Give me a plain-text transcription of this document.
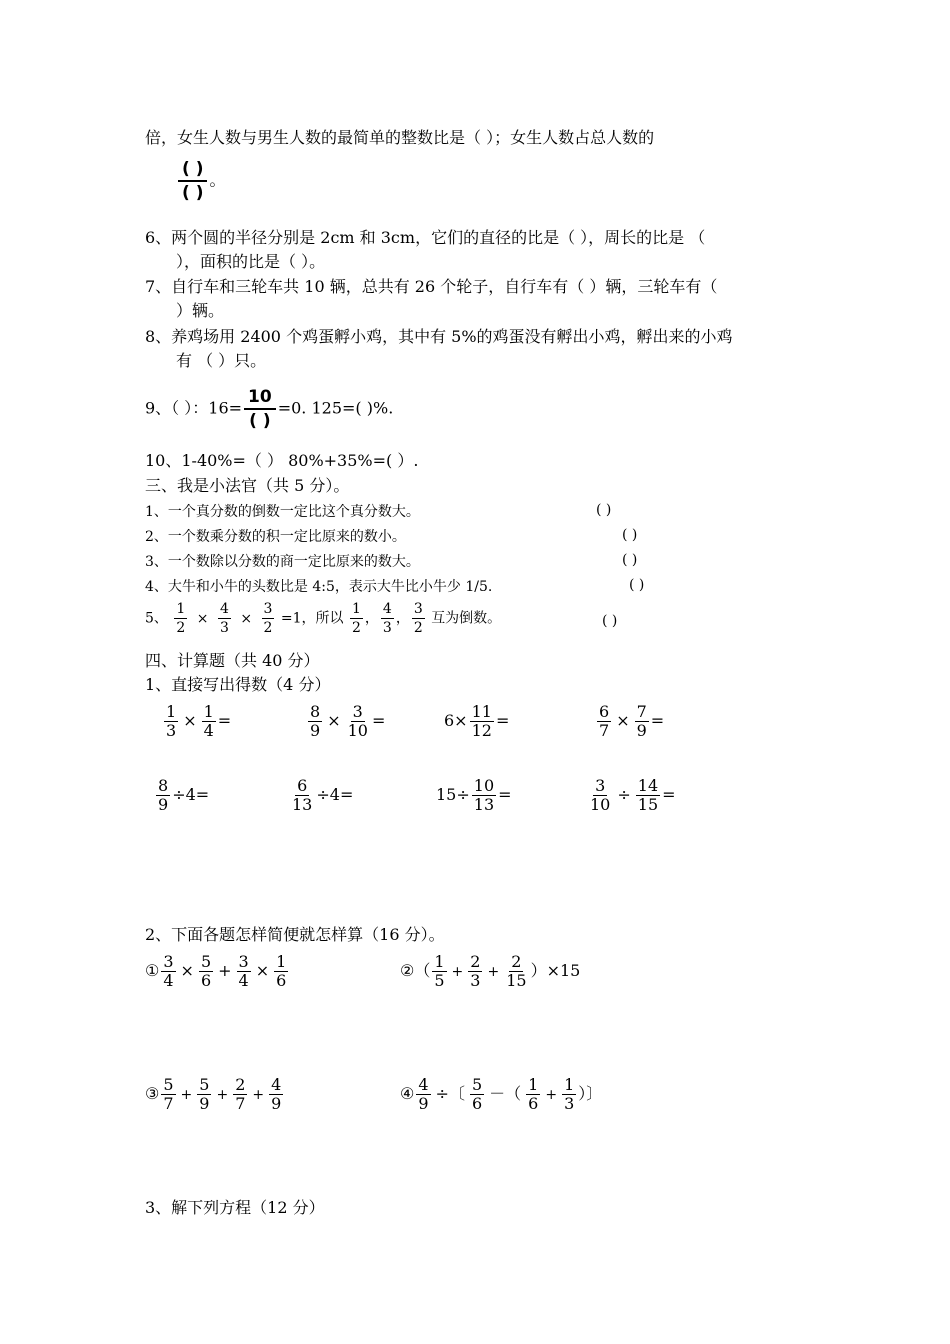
倍，女生人数与男生人数的最简单的整数比是（ ）；女生人数占总人数的
$\frac{( )}{( )}$ 。
6、两个圆的半径分别是 2cm 和 3cm，它们的直径的比是（ ），周长的比是 （
），面积的比是（ ）。
7、自行车和三轮车共 10 辆，总共有 26 个轮子，自行车有（ ）辆，三轮车有（
）辆。
8、养鸡场用 2400 个鸡蛋孵小鸡，其中有 5%的鸡蛋没有孵出小鸡，孵出来的小鸡
有 （ ）只。
9、（ ）：$16= \frac{10}{( )} =0$. 125=( )%.
10、1-40%=（ ） 80%+35%=( ）.
三、我是小法官（共 5 分）。
1、一个真分数的倒数一定比这个真分数大。	( )
2、一个数乘分数的积一定比原来的数小。	( )
3、一个数除以分数的商一定比原来的数大。	( )
4、大牛和小牛的头数比是 4:5，表示大牛比小牛少 1/5.	( )
5、 $\frac{1}{2} \times \frac{4}{3} \times \frac{3}{2} =1$，所以 $\frac{1}{2}$ ， $\frac{4}{3}$ ， $\frac{3}{2}$ 互为倒数。	( )
四、计算题（共 40 分）
1、直接写出得数（4 分）
$\frac{1}{3} \times \frac{1}{4}$ =	$\frac{8}{9} \times \frac{3}{10}$ =	$6\times \frac{11}{12}$ =	$\frac{6}{7} \times \frac{7}{9}$ =
$\frac{8}{9} \div 4=$	$\frac{6}{13} \div 4=$	$15\div \frac{10}{13}$ =	$\frac{3}{10} \div \frac{14}{15}$ =
2、下面各题怎样简便就怎样算（16 分）。
① $\frac{3}{4} \times \frac{5}{6} + \frac{3}{4} \times \frac{1}{6}$	②（ $\frac{1}{5} + \frac{2}{3} + \frac{2}{15} )\times 15$
③ $\frac{5}{7} + \frac{5}{9} + \frac{2}{7} + \frac{4}{9}$	④ $\frac{4}{9}$ ÷〔 $\frac{5}{6}$ －（ $\frac{1}{6} + \frac{1}{3}$ ）〕
3、解下列方程（12 分）
